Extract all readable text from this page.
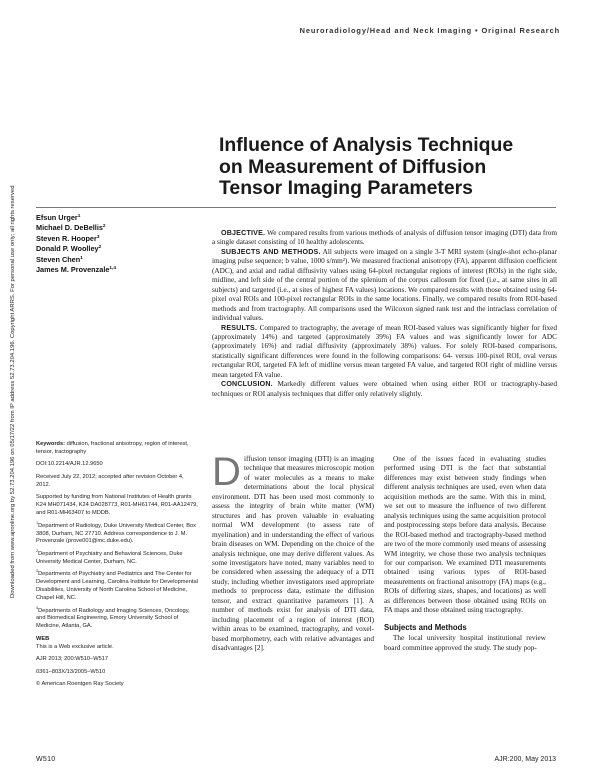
Neuroradiology/Head and Neck Imaging • Original Research
Downloaded from www.ajronline.org by 52.73.204.196 on 05/17/22 from IP address 52.73.204.196. Copyright ARRS. For personal use only; all rights reserved
Influence of Analysis Technique
on Measurement of Diffusion
Tensor Imaging Parameters
Efsun Urger$^1$
Michael D. DeBellis$^2$
Steven R. Hooper$^3$
Donald P. Woolley$^2$
Steven Chen$^1$
James M. Provenzale$^{1,4}$

Keywords: diffusion, fractional anisotropy, region of interest, tensor, tractography

DOI:10.2214/AJR.12.9650

Received July 22, 2012; accepted after revision October 4, 2012.

Supported by funding from National Institutes of Health grants K24 MH071434, K24 DA028773, R01-MH61744, R01-AA12479, and R01-MH63407 to MDDB.

$^1$Department of Radiology, Duke University Medical Center, Box 3808, Durham, NC 27710. Address correspondence to J. M. Provenzale (prove001@mc.duke.edu).

$^2$Department of Psychiatry and Behavioral Sciences, Duke University Medical Center, Durham, NC.

$^3$Departments of Psychiatry and Pediatrics and The Center for Development and Learning, Carolina Institute for Developmental Disabilities, University of North Carolina School of Medicine, Chapel Hill, NC.

$^4$Departments of Radiology and Imaging Sciences, Oncology, and Biomedical Engineering, Emory University School of Medicine, Atlanta, GA.

WEB

This is a Web exclusive article.

AJR 2013; 200:W510–W517

0361–803X/13/2005–W510

© American Roentgen Ray Society

OBJECTIVE. We compared results from various methods of analysis of diffusion tensor imaging (DTI) data from a single dataset consisting of 10 healthy adolescents.

SUBJECTS AND METHODS. All subjects were imaged on a single 3-T MRI system (single-shot echo-planar imaging pulse sequence; b value, 1000 s/mm²). We measured fractional anisotropy (FA), apparent diffusion coefficient (ADC), and axial and radial diffusivity values using 64-pixel rectangular regions of interest (ROIs) in the right side, midline, and left side of the central portion of the splenium of the corpus callosum for fixed (i.e., at same sites in all subjects) and targeted (i.e., at sites of highest FA values) locations. We compared results with those obtained using 64-pixel oval ROIs and 100-pixel rectangular ROIs in the same locations. Finally, we compared results from ROI-based methods and from tractography. All comparisons used the Wilcoxon signed rank test and the intraclass correlation of individual values.

RESULTS. Compared to tractography, the average of mean ROI-based values was significantly higher for fixed (approximately 14%) and targeted (approximately 39%) FA values and was significantly lower for ADC (approximately 16%) and radial diffusivity (approximately 38%) values. For solely ROI-based comparisons, statistically significant differences were found in the following comparisons: 64- versus 100-pixel ROI, oval versus rectangular ROI, targeted FA left of midline versus mean targeted FA value, and targeted ROI right of midline versus mean targeted FA value.

CONCLUSION. Markedly different values were obtained when using either ROI or tractography-based techniques or ROI analysis techniques that differ only relatively slightly.

D iffusion tensor imaging (DTI) is an imaging technique that measures microscopic motion of water molecules as a means to make determinations about the local physical environment. DTI has been used most commonly to assess the integrity of brain white matter (WM) structures and has proven valuable in evaluating normal WM development (to assess rate of myelination) and in understanding the effect of various brain diseases on WM. Depending on the choice of the analysis technique, one may derive different values. As some investigators have noted, many variables need to be considered when assessing the adequacy of a DTI study, including whether investigators used appropriate methods to preprocess data, estimate the diffusion tensor, and extract quantitative parameters [1]. A number of methods exist for analysis of DTI data, including placement of a region of interest (ROI) within areas to be examined, tractography, and voxel-based morphometry, each with relative advantages and disadvantages [2].

One of the issues faced in evaluating studies performed using DTI is the fact that substantial differences may exist between study findings when different analysis techniques are used, even when data acquisition methods are the same. With this in mind, we set out to measure the influence of two different analysis techniques using the same acquisition protocol and postprocessing steps before data analysis. Because the ROI-based method and tractography-based method are two of the more commonly used means of assessing WM integrity, we chose those two analysis techniques for our comparison. We examined DTI measurements obtained using various types of ROI-based measurements on fractional anisotropy (FA) maps (e.g., ROIs of differing sizes, shapes, and locations) as well as differences between those obtained using ROIs on FA maps and those obtained using tractography.

Subjects and Methods

The local university hospital institutional review board committee approved the study. The study pop-

W510	AJR:200, May 2013
